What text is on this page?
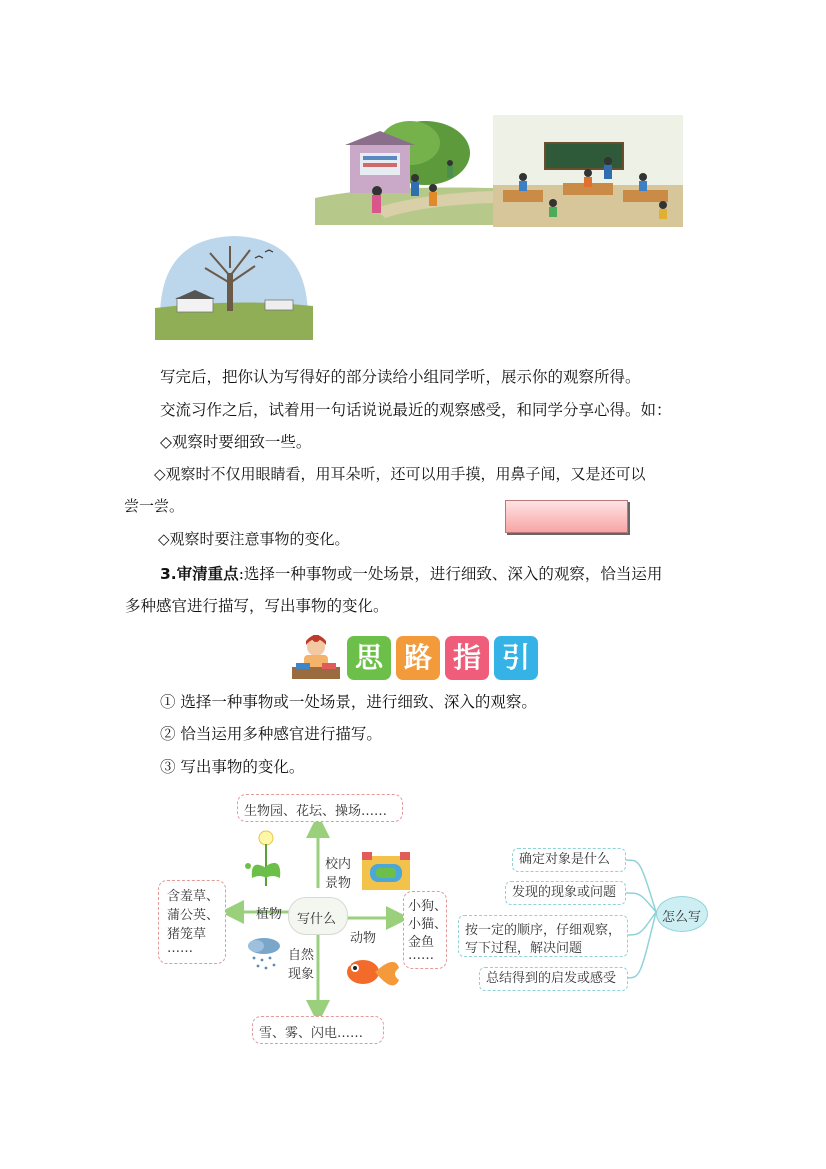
写完后，把你认为写得好的部分读给小组同学听，展示你的观察所得。
交流习作之后，试着用一句话说说最近的观察感受，和同学分享心得。如：
◇观察时要细致一些。
◇观察时不仅用眼睛看，用耳朵听，还可以用手摸，用鼻子闻，又是还可以
尝一尝。
◇观察时要注意事物的变化。
3.审清重点:选择一种事物或一处场景，进行细致、深入的观察，恰当运用
多种感官进行描写，写出事物的变化。
思 路 指 引
① 选择一种事物或一处场景，进行细致、深入的观察。
② 恰当运用多种感官进行描写。
③ 写出事物的变化。
生物园、花坛、操场……
写什么
含羞草、
蒲公英、
猪笼草
……
小狗、
小猫、
金鱼
……
雪、雾、闪电……
校内
景物
植物
动物
自然
现象
确定对象是什么
发现的现象或问题
按一定的顺序，仔细观察，
写下过程，解决问题
总结得到的启发或感受
怎么写
